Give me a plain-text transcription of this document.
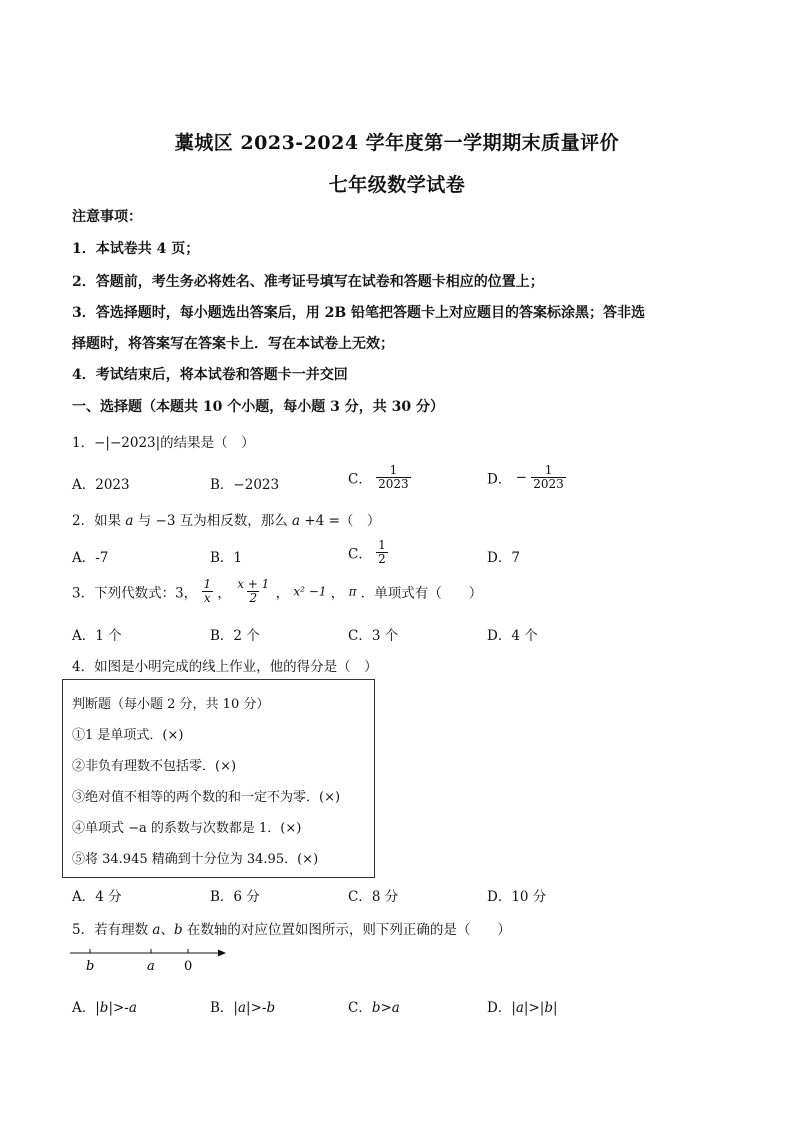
藁城区 2023-2024 学年度第一学期期末质量评价
七年级数学试卷
注意事项：
1．本试卷共 4 页；
2．答题前，考生务必将姓名、准考证号填写在试卷和答题卡相应的位置上；
3．答选择题时，每小题选出答案后，用 2B 铅笔把答题卡上对应题目的答案标涂黑；答非选
择题时，将答案写在答案卡上．写在本试卷上无效；
4．考试结束后，将本试卷和答题卡一并交回
一、选择题（本题共 10 个小题，每小题 3 分，共 30 分）
1．−|−2023|的结果是（　）
A．2023	B．−2023	C． $\frac{1}{2023}$	D． − $\frac{1}{2023}$
2．如果 a 与 −3 互为相反数，那么 a +4 =（　）
A．-7	B．1	C． $\frac{1}{2}$	D．7
3．下列代数式：3， $\frac{1}{x}$ ， $\frac{x + 1}{2}$ ， x² −1 ， π ．单项式有（　　）
A．1 个	B．2 个	C．3 个	D．4 个
4．如图是小明完成的线上作业，他的得分是（　）
判断题（每小题 2 分，共 10 分）
①1 是单项式．(×)
②非负有理数不包括零．(×)
③绝对值不相等的两个数的和一定不为零．(×)
④单项式 −a 的系数与次数都是 1．(×)
⑤将 34.945 精确到十分位为 34.95．(×)
A．4 分	B．6 分	C．8 分	D．10 分
5．若有理数 a、b 在数轴的对应位置如图所示，则下列正确的是（　　）
b	a 0
A．|b|>-a	B．|a|>-b	C．b>a	D．|a|>|b|
